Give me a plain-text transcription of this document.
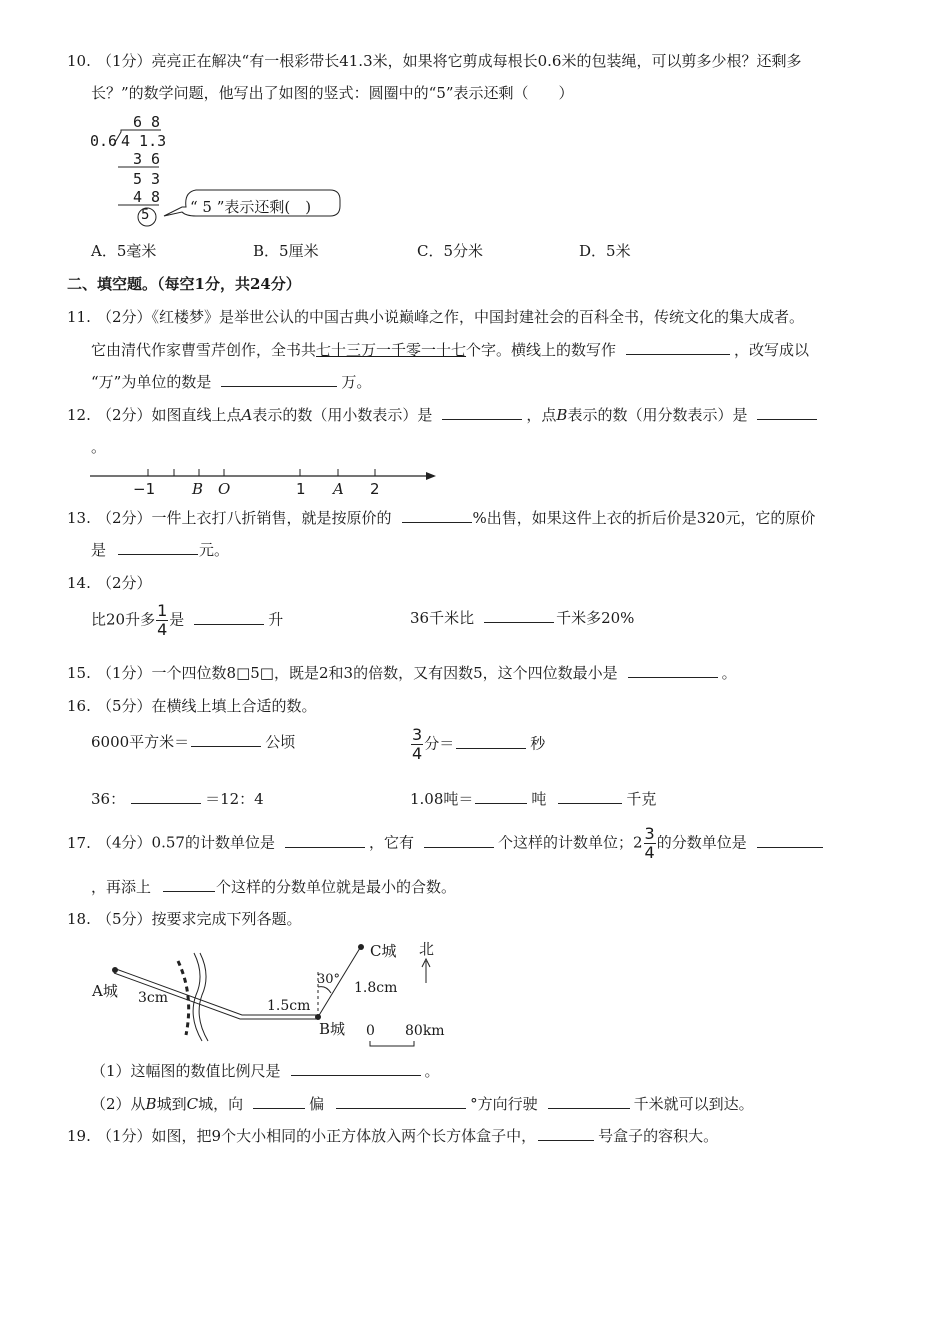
10. （1分）亮亮正在解决“有一根彩带长41.3米，如果将它剪成每根长0.6米的包装绳，可以剪多少根？还剩多
长？”的数学问题，他写出了如图的竖式：圆圈中的“5”表示还剩（　　）
6 8
0.6 4 1.3
3 6
5 3
4 8
5	“ 5 ”表示还剩(　)
A．5毫米	B．5厘米	C．5分米	D．5米
二、填空题。（每空1分，共24分）
11. （2分）《红楼梦》是举世公认的中国古典小说巅峰之作，中国封建社会的百科全书，传统文化的集大成者。
它由清代作家曹雪芹创作，全书共七十三万一千零一十七个字。横线上的数写作	，改写成以
“万”为单位的数是	万。
12. （2分）如图直线上点A表示的数（用小数表示）是	，点B表示的数（用分数表示）是
。
−1 B O	1 A 2
13. （2分）一件上衣打八折销售，就是按原价的	%出售，如果这件上衣的折后价是320元，它的原价
是	元。
14. （2分）
比20升多 $\frac{1}{4}$ 是	升	36千米比	千米多20%
15. （1分）一个四位数8□5□，既是2和3的倍数，又有因数5，这个四位数最小是	。
16. （5分）在横线上填上合适的数。
6000平方米＝	公顷	$\frac{3}{4}$ 分＝	秒
36：	＝12：4	1.08吨＝	吨	千克
17. （4分）0.57的计数单位是	，它有	个这样的计数单位；$2 \frac{3}{4}$ 的分数单位是
，再添上	个这样的分数单位就是最小的合数。
18. （5分）按要求完成下列各题。
A城
B城
C城 北
3cm	1.5cm
1.8cm
30°
0 80km
（1）这幅图的数值比例尺是	。
（2）从B城到C城，向	偏	°方向行驶	千米就可以到达。
19. （1分）如图，把9个大小相同的小正方体放入两个长方体盒子中，	号盒子的容积大。
